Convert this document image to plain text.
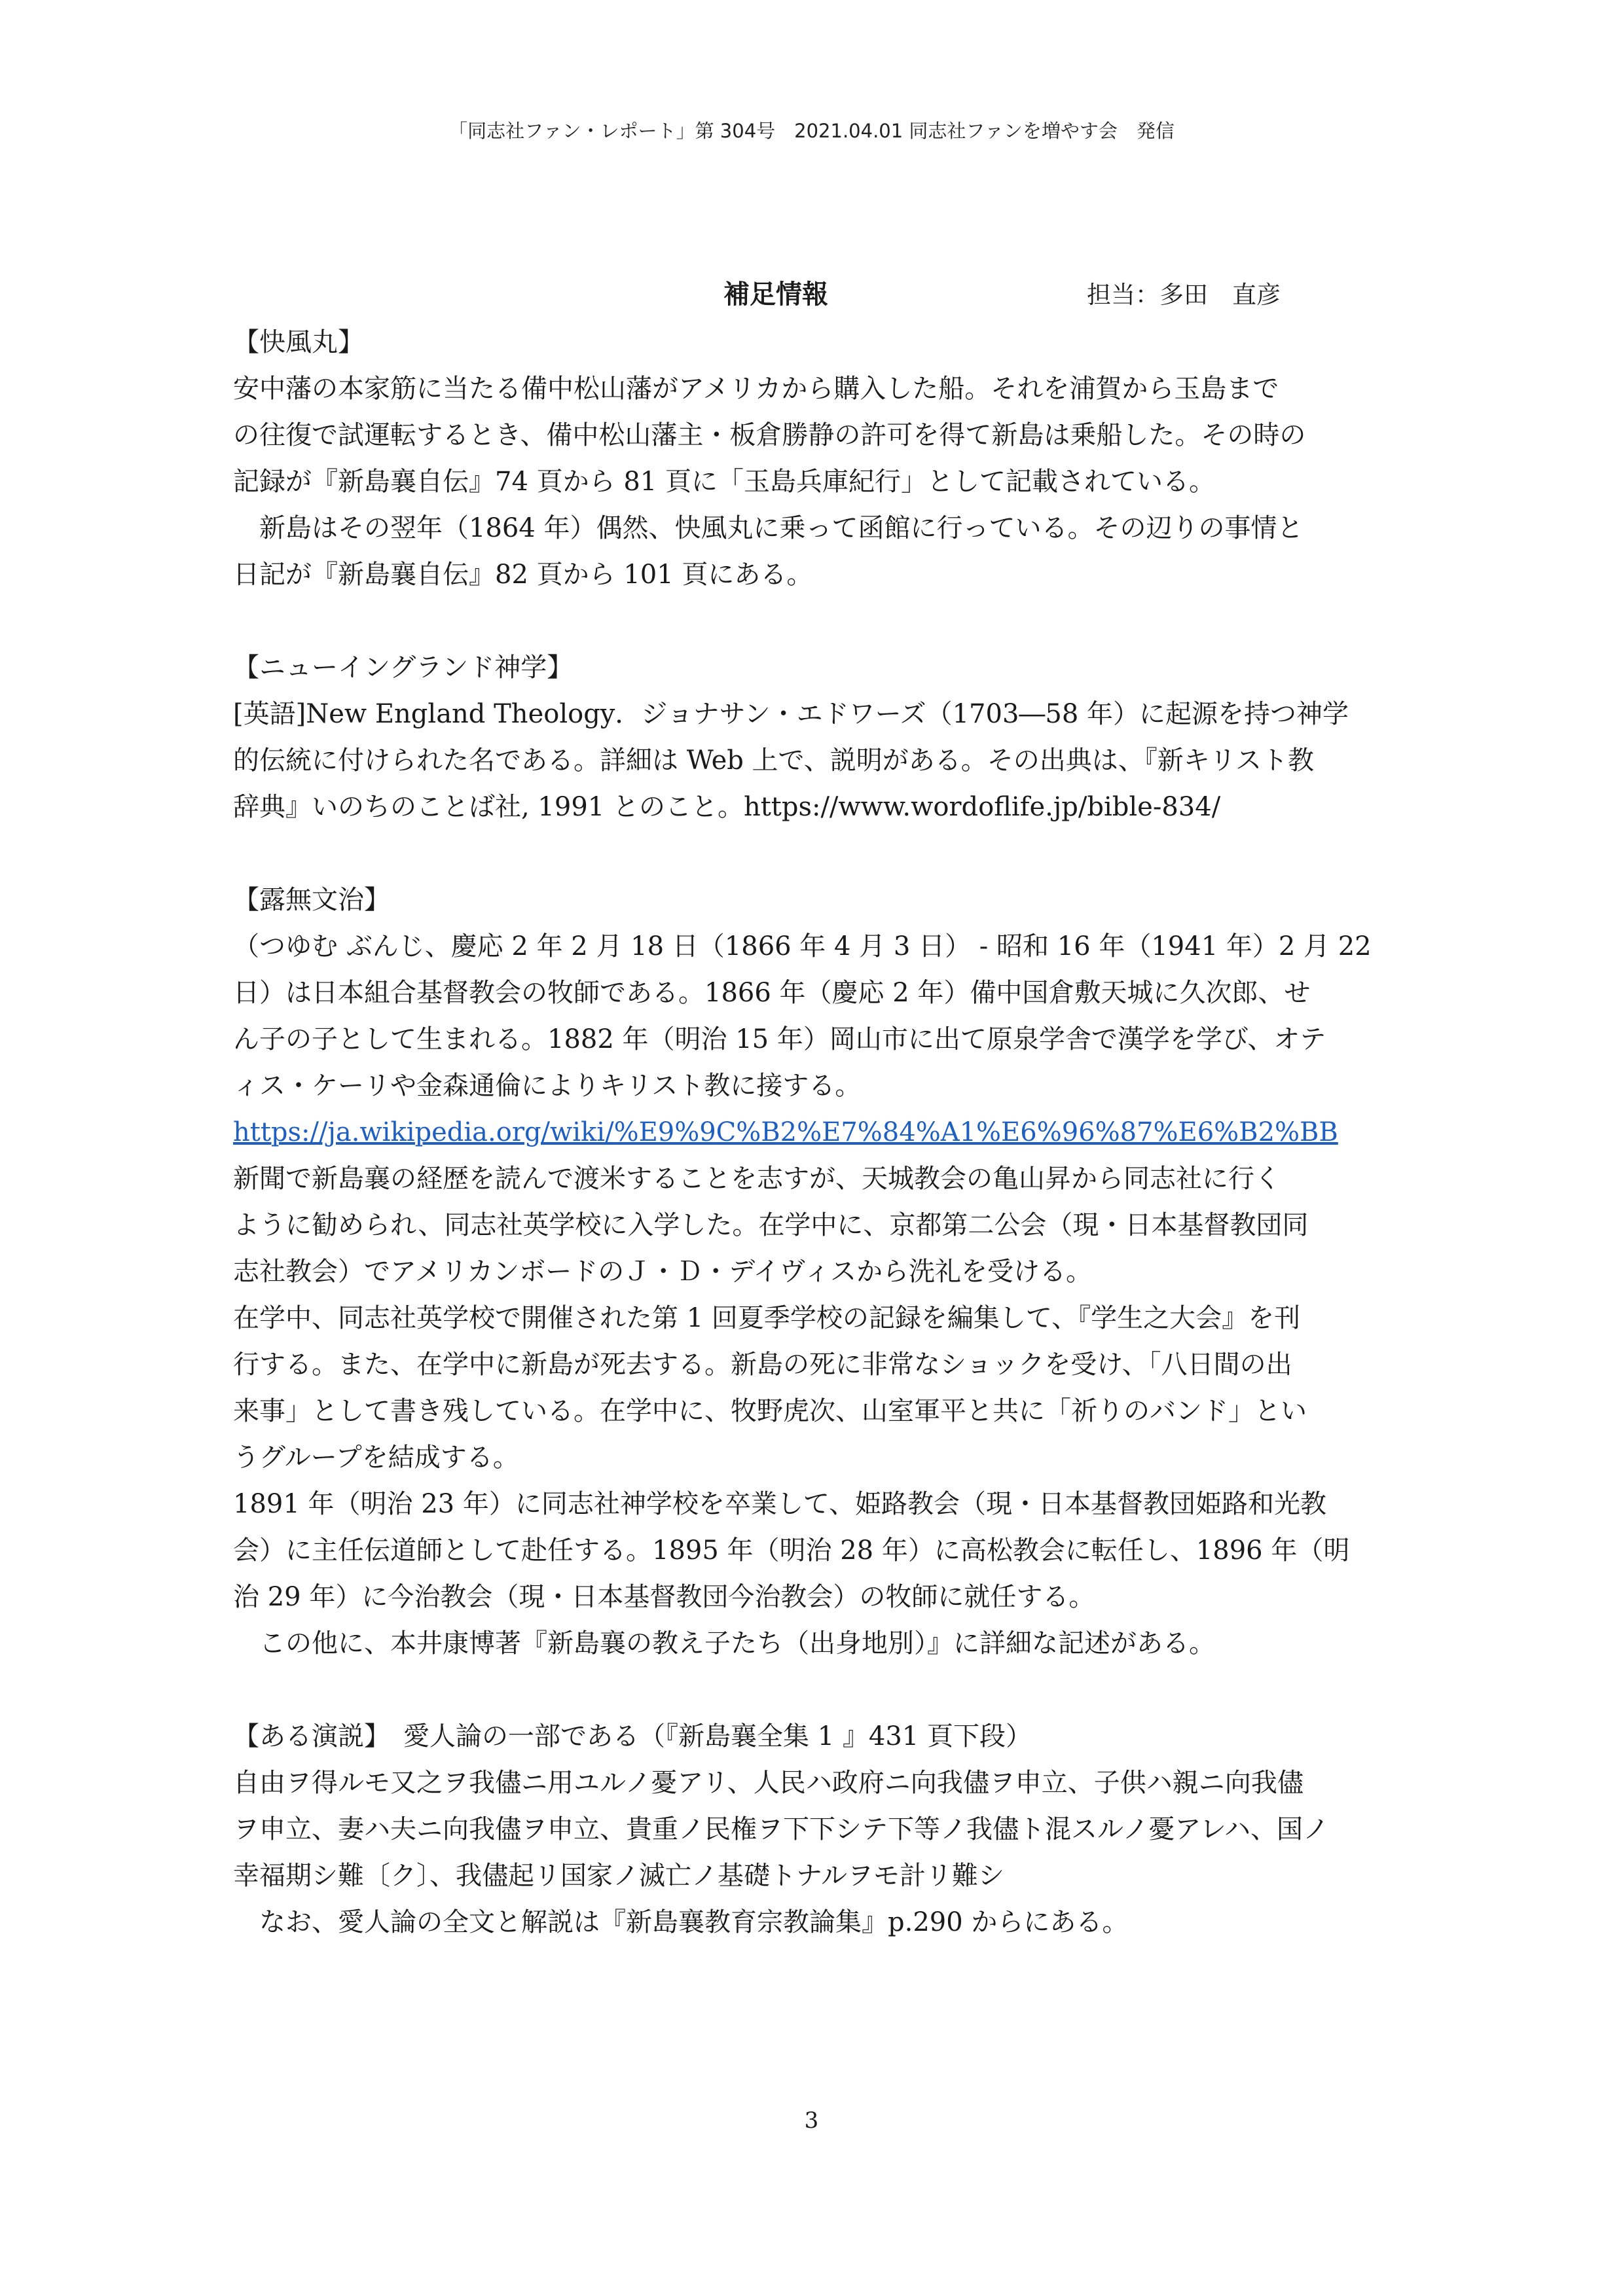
「同志社ファン・レポート」第 304号　2021.04.01 同志社ファンを増やす会　発信
補足情報	担当：多田　直彦
【快風丸】
安中藩の本家筋に当たる備中松山藩がアメリカから購入した船。それを浦賀から玉島まで
の往復で試運転するとき、備中松山藩主・板倉勝静の許可を得て新島は乗船した。その時の
記録が『新島襄自伝』74 頁から 81 頁に「玉島兵庫紀行」として記載されている。
新島はその翌年（1864 年）偶然、快風丸に乗って函館に行っている。その辺りの事情と
日記が『新島襄自伝』82 頁から 101 頁にある。
【ニューイングランド神学】
[英語]New England Theology．ジョナサン・エドワーズ（1703―58 年）に起源を持つ神学
的伝統に付けられた名である。詳細は Web 上で、説明がある。その出典は、『新キリスト教
辞典』いのちのことば社, 1991 とのこと。https://www.wordoflife.jp/bible-834/
【露無文治】
（つゆむ ぶんじ、慶応 2 年 2 月 18 日（1866 年 4 月 3 日） - 昭和 16 年（1941 年）2 月 22
日）は日本組合基督教会の牧師である。1866 年（慶応 2 年）備中国倉敷天城に久次郎、せ
ん子の子として生まれる。1882 年（明治 15 年）岡山市に出て原泉学舎で漢学を学び、オテ
ィス・ケーリや金森通倫によりキリスト教に接する。
https://ja.wikipedia.org/wiki/%E9%9C%B2%E7%84%A1%E6%96%87%E6%B2%BB
新聞で新島襄の経歴を読んで渡米することを志すが、天城教会の亀山昇から同志社に行く
ように勧められ、同志社英学校に入学した。在学中に、京都第二公会（現・日本基督教団同
志社教会）でアメリカンボードのＪ・Ｄ・デイヴィスから洗礼を受ける。
在学中、同志社英学校で開催された第 1 回夏季学校の記録を編集して、『学生之大会』を刊
行する。また、在学中に新島が死去する。新島の死に非常なショックを受け、「八日間の出
来事」として書き残している。在学中に、牧野虎次、山室軍平と共に「祈りのバンド」とい
うグループを結成する。
1891 年（明治 23 年）に同志社神学校を卒業して、姫路教会（現・日本基督教団姫路和光教
会）に主任伝道師として赴任する。1895 年（明治 28 年）に高松教会に転任し、1896 年（明
治 29 年）に今治教会（現・日本基督教団今治教会）の牧師に就任する。
この他に、本井康博著『新島襄の教え子たち（出身地別）』に詳細な記述がある。
【ある演説】　愛人論の一部である（『新島襄全集 1 』431 頁下段）
自由ヲ得ルモ又之ヲ我儘ニ用ユルノ憂アリ、人民ハ政府ニ向我儘ヲ申立、子供ハ親ニ向我儘
ヲ申立、妻ハ夫ニ向我儘ヲ申立、貴重ノ民権ヲ下下シテ下等ノ我儘ト混スルノ憂アレハ、国ノ
幸福期シ難〔ク〕、我儘起リ国家ノ滅亡ノ基礎トナルヲモ計リ難シ
なお、愛人論の全文と解説は『新島襄教育宗教論集』p.290 からにある。
3
